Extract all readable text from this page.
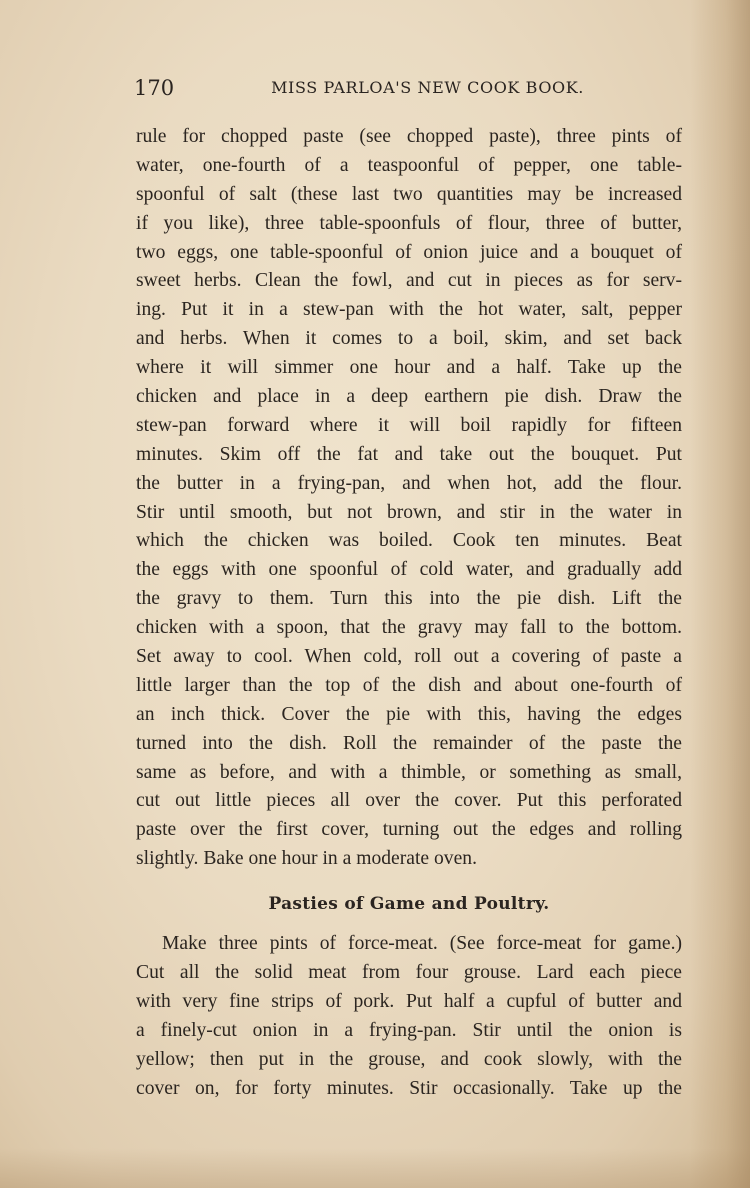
170	MISS PARLOA'S NEW COOK BOOK.
rule for chopped paste (see chopped paste), three pints of
water, one-fourth of a teaspoonful of pepper, one table-
spoonful of salt (these last two quantities may be increased
if you like), three table-spoonfuls of flour, three of butter,
two eggs, one table-spoonful of onion juice and a bouquet of
sweet herbs. Clean the fowl, and cut in pieces as for serv-
ing. Put it in a stew-pan with the hot water, salt, pepper
and herbs. When it comes to a boil, skim, and set back
where it will simmer one hour and a half. Take up the
chicken and place in a deep earthern pie dish. Draw the
stew-pan forward where it will boil rapidly for fifteen
minutes. Skim off the fat and take out the bouquet. Put
the butter in a frying-pan, and when hot, add the flour.
Stir until smooth, but not brown, and stir in the water in
which the chicken was boiled. Cook ten minutes. Beat
the eggs with one spoonful of cold water, and gradually add
the gravy to them. Turn this into the pie dish. Lift the
chicken with a spoon, that the gravy may fall to the bottom.
Set away to cool. When cold, roll out a covering of paste a
little larger than the top of the dish and about one-fourth of
an inch thick. Cover the pie with this, having the edges
turned into the dish. Roll the remainder of the paste the
same as before, and with a thimble, or something as small,
cut out little pieces all over the cover. Put this perforated
paste over the first cover, turning out the edges and rolling
slightly. Bake one hour in a moderate oven.
Pasties of Game and Poultry.
Make three pints of force-meat. (See force-meat for game.)
Cut all the solid meat from four grouse. Lard each piece
with very fine strips of pork. Put half a cupful of butter and
a finely-cut onion in a frying-pan. Stir until the onion is
yellow; then put in the grouse, and cook slowly, with the
cover on, for forty minutes. Stir occasionally. Take up the
